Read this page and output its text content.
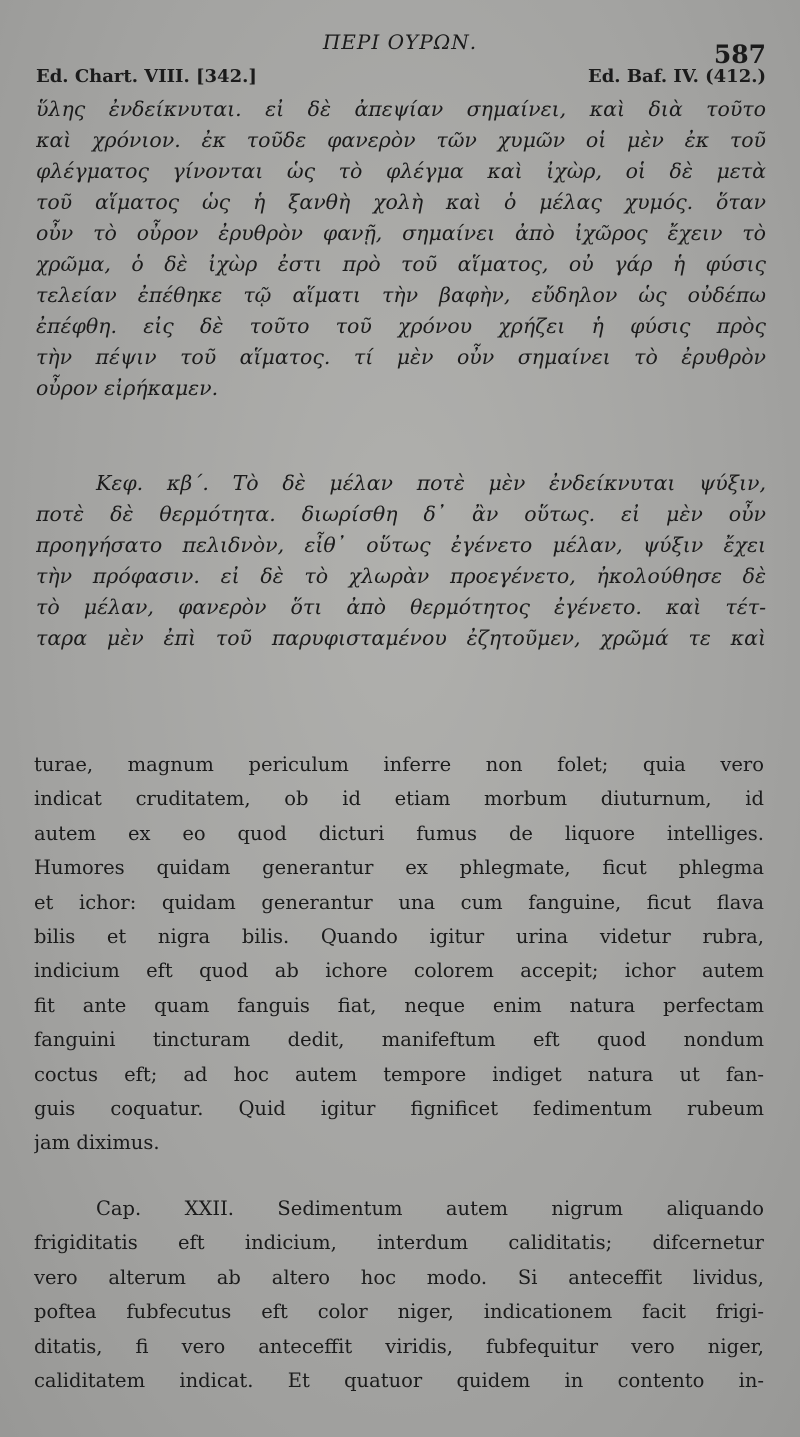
ΠΕΡΙ ΟΥΡΩΝ.	587
Ed. Chart. VIII. [342.]	Ed. Baf. IV. (412.)
ὕλης ἐνδείκνυται. εἰ δὲ ἀπεψίαν σημαίνει, καὶ διὰ τοῦτο
καὶ χρόνιον. ἐκ τοῦδε φανερὸν τῶν χυμῶν οἱ μὲν ἐκ τοῦ
φλέγματος γίνονται ὡς τὸ φλέγμα καὶ ἰχὼρ, οἱ δὲ μετὰ
τοῦ αἵματος ὡς ἡ ξανθὴ χολὴ καὶ ὁ μέλας χυμός. ὅταν
οὖν τὸ οὖρον ἐρυθρὸν φανῇ, σημαίνει ἀπὸ ἰχῶρος ἔχειν τὸ
χρῶμα, ὁ δὲ ἰχὼρ ἐστι πρὸ τοῦ αἵματος, οὐ γάρ ἡ φύσις
τελείαν ἐπέθηκε τῷ αἵματι τὴν βαφὴν, εὔδηλον ὡς οὐδέπω
ἐπέφθη. εἰς δὲ τοῦτο τοῦ χρόνου χρήζει ἡ φύσις πρὸς
τὴν πέψιν τοῦ αἵματος. τί μὲν οὖν σημαίνει τὸ ἐρυθρὸν
οὖρον εἰρήκαμεν.
Κεφ. κβ΄. Τὸ δὲ μέλαν ποτὲ μὲν ἐνδείκνυται ψύξιν,
ποτὲ δὲ θερμότητα. διωρίσθη δ᾽ ἂν οὕτως. εἰ μὲν οὖν
προηγήσατο πελιδνὸν, εἶθ᾽ οὕτως ἐγένετο μέλαν, ψύξιν ἔχει
τὴν πρόφασιν. εἰ δὲ τὸ χλωρὰν προεγένετο, ἠκολούθησε δὲ
τὸ μέλαν, φανερὸν ὅτι ἀπὸ θερμότητος ἐγένετο. καὶ τέτ-
ταρα μὲν ἐπὶ τοῦ παρυφισταμένου ἐζητοῦμεν, χρῶμά τε καὶ
turae, magnum periculum inferre non folet; quia vero
indicat cruditatem, ob id etiam morbum diuturnum, id
autem ex eo quod dicturi fumus de liquore intelliges.
Humores quidam generantur ex phlegmate, ficut phlegma
et ichor: quidam generantur una cum fanguine, ficut flava
bilis et nigra bilis. Quando igitur urina videtur rubra,
indicium eft quod ab ichore colorem accepit; ichor autem
fit ante quam fanguis fiat, neque enim natura perfectam
fanguini tincturam dedit, manifeftum eft quod nondum
coctus eft; ad hoc autem tempore indiget natura ut fan-
guis coquatur. Quid igitur fignificet fedimentum rubeum
jam diximus.
Cap. XXII. Sedimentum autem nigrum aliquando
frigiditatis eft indicium, interdum caliditatis; difcernetur
vero alterum ab altero hoc modo. Si anteceffit lividus,
poftea fubfecutus eft color niger, indicationem facit frigi-
ditatis, fi vero anteceffit viridis, fubfequitur vero niger,
caliditatem indicat. Et quatuor quidem in contento in-
